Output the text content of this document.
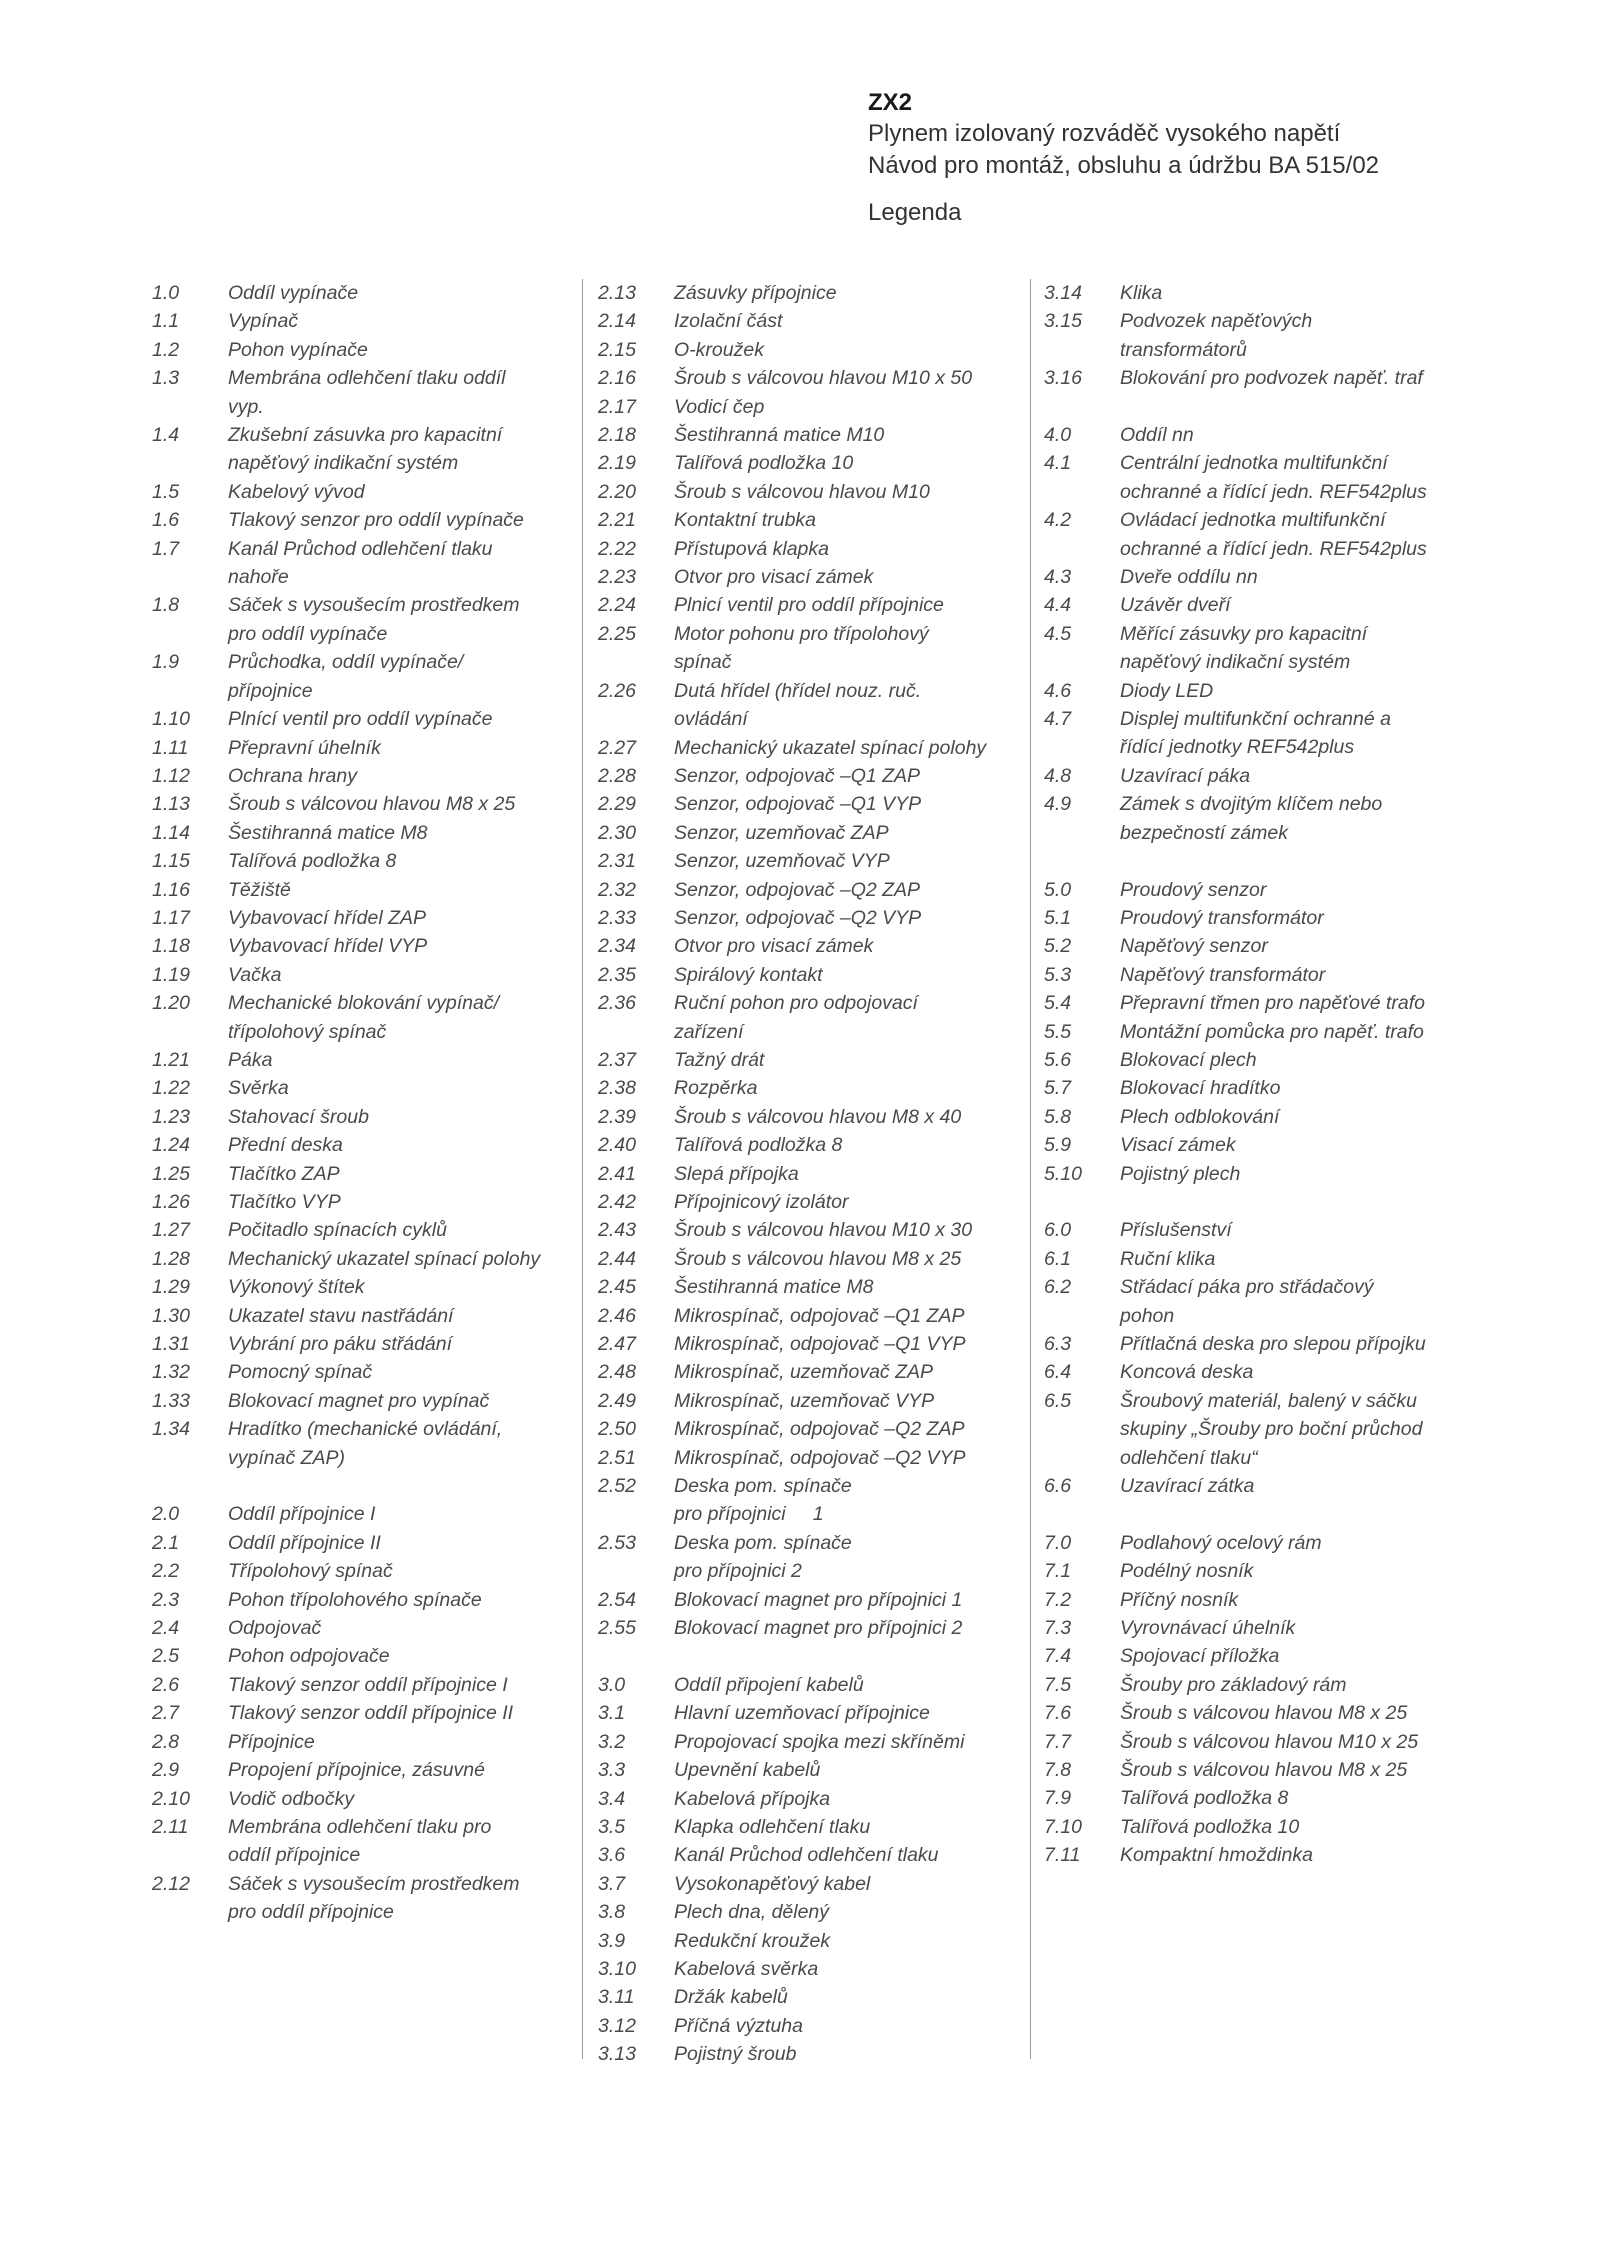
ZX2
Plynem izolovaný rozváděč vysokého napětí
Návod pro montáž, obsluhu a údržbu BA 515/02
Legenda
1.0	Oddíl vypínače
1.1	Vypínač
1.2	Pohon vypínače
1.3	Membrána odlehčení tlaku oddíl
vyp.
1.4	Zkušební zásuvka pro kapacitní
napěťový indikační systém
1.5	Kabelový vývod
1.6	Tlakový senzor pro oddíl vypínače
1.7	Kanál Průchod odlehčení tlaku
nahoře
1.8	Sáček s vysoušecím prostředkem
pro oddíl vypínače
1.9	Průchodka, oddíl vypínače/
přípojnice
1.10	Plnící ventil pro oddíl vypínače
1.11	Přepravní úhelník
1.12	Ochrana hrany
1.13	Šroub s válcovou hlavou M8 x 25
1.14	Šestihranná matice M8
1.15	Talířová podložka 8
1.16	Těžiště
1.17	Vybavovací hřídel ZAP
1.18	Vybavovací hřídel VYP
1.19	Vačka
1.20	Mechanické blokování vypínač/
třípolohový spínač
1.21	Páka
1.22	Svěrka
1.23	Stahovací šroub
1.24	Přední deska
1.25	Tlačítko ZAP
1.26	Tlačítko VYP
1.27	Počitadlo spínacích cyklů
1.28	Mechanický ukazatel spínací polohy
1.29	Výkonový štítek
1.30	Ukazatel stavu nastřádání
1.31	Vybrání pro páku střádání
1.32	Pomocný spínač
1.33	Blokovací magnet pro vypínač
1.34	Hradítko (mechanické ovládání,
vypínač ZAP)
2.0	Oddíl přípojnice I
2.1	Oddíl přípojnice II
2.2	Třípolohový spínač
2.3	Pohon třípolohového spínače
2.4	Odpojovač
2.5	Pohon odpojovače
2.6	Tlakový senzor oddíl přípojnice I
2.7	Tlakový senzor oddíl přípojnice II
2.8	Přípojnice
2.9	Propojení přípojnice, zásuvné
2.10	Vodič odbočky
2.11	Membrána odlehčení tlaku pro
oddíl přípojnice
2.12	Sáček s vysoušecím prostředkem
pro oddíl přípojnice
2.13	Zásuvky přípojnice
2.14	Izolační část
2.15	O-kroužek
2.16	Šroub s válcovou hlavou M10 x 50
2.17	Vodicí čep
2.18	Šestihranná matice M10
2.19	Talířová podložka 10
2.20	Šroub s válcovou hlavou M10
2.21	Kontaktní trubka
2.22	Přístupová klapka
2.23	Otvor pro visací zámek
2.24	Plnicí ventil pro oddíl přípojnice
2.25	Motor pohonu pro třípolohový
spínač
2.26	Dutá hřídel (hřídel nouz. ruč.
ovládání
2.27	Mechanický ukazatel spínací polohy
2.28	Senzor, odpojovač –Q1 ZAP
2.29	Senzor, odpojovač –Q1 VYP
2.30	Senzor, uzemňovač ZAP
2.31	Senzor, uzemňovač VYP
2.32	Senzor, odpojovač –Q2 ZAP
2.33	Senzor, odpojovač –Q2 VYP
2.34	Otvor pro visací zámek
2.35	Spirálový kontakt
2.36	Ruční pohon pro odpojovací
zařízení
2.37	Tažný drát
2.38	Rozpěrka
2.39	Šroub s válcovou hlavou M8 x 40
2.40	Talířová podložka 8
2.41	Slepá přípojka
2.42	Přípojnicový izolátor
2.43	Šroub s válcovou hlavou M10 x 30
2.44	Šroub s válcovou hlavou M8 x 25
2.45	Šestihranná matice M8
2.46	Mikrospínač, odpojovač –Q1 ZAP
2.47	Mikrospínač, odpojovač –Q1 VYP
2.48	Mikrospínač, uzemňovač ZAP
2.49	Mikrospínač, uzemňovač VYP
2.50	Mikrospínač, odpojovač –Q2 ZAP
2.51	Mikrospínač, odpojovač –Q2 VYP
2.52	Deska pom. spínače
pro přípojnici     1
2.53	Deska pom. spínače
pro přípojnici 2
2.54	Blokovací magnet pro přípojnici 1
2.55	Blokovací magnet pro přípojnici 2
3.0	Oddíl připojení kabelů
3.1	Hlavní uzemňovací přípojnice
3.2	Propojovací spojka mezi skříněmi
3.3	Upevnění kabelů
3.4	Kabelová přípojka
3.5	Klapka odlehčení tlaku
3.6	Kanál Průchod odlehčení tlaku
3.7	Vysokonapěťový kabel
3.8	Plech dna, dělený
3.9	Redukční kroužek
3.10	Kabelová svěrka
3.11	Držák kabelů
3.12	Příčná výztuha
3.13	Pojistný šroub
3.14	Klika
3.15	Podvozek napěťových
transformátorů
3.16	Blokování pro podvozek napěť. traf
4.0	Oddíl nn
4.1	Centrální jednotka multifunkční
ochranné a řídící jedn. REF542plus
4.2	Ovládací jednotka multifunkční
ochranné a řídící jedn. REF542plus
4.3	Dveře oddílu nn
4.4	Uzávěr dveří
4.5	Měřící zásuvky pro kapacitní
napěťový indikační systém
4.6	Diody LED
4.7	Displej multifunkční ochranné a
řídící jednotky REF542plus
4.8	Uzavírací páka
4.9	Zámek s dvojitým klíčem nebo
bezpečností zámek
5.0	Proudový senzor
5.1	Proudový transformátor
5.2	Napěťový senzor
5.3	Napěťový transformátor
5.4	Přepravní třmen pro napěťové trafo
5.5	Montážní pomůcka pro napěť. trafo
5.6	Blokovací plech
5.7	Blokovací hradítko
5.8	Plech odblokování
5.9	Visací zámek
5.10	Pojistný plech
6.0	Příslušenství
6.1	Ruční klika
6.2	Střádací páka pro střádačový
pohon
6.3	Přítlačná deska pro slepou přípojku
6.4	Koncová deska
6.5	Šroubový materiál, balený v sáčku
skupiny „Šrouby pro boční průchod
odlehčení tlaku“
6.6	Uzavírací zátka
7.0	Podlahový ocelový rám
7.1	Podélný nosník
7.2	Příčný nosník
7.3	Vyrovnávací úhelník
7.4	Spojovací příložka
7.5	Šrouby pro základový rám
7.6	Šroub s válcovou hlavou M8 x 25
7.7	Šroub s válcovou hlavou M10 x 25
7.8	Šroub s válcovou hlavou M8 x 25
7.9	Talířová podložka 8
7.10	Talířová podložka 10
7.11	Kompaktní hmoždinka
